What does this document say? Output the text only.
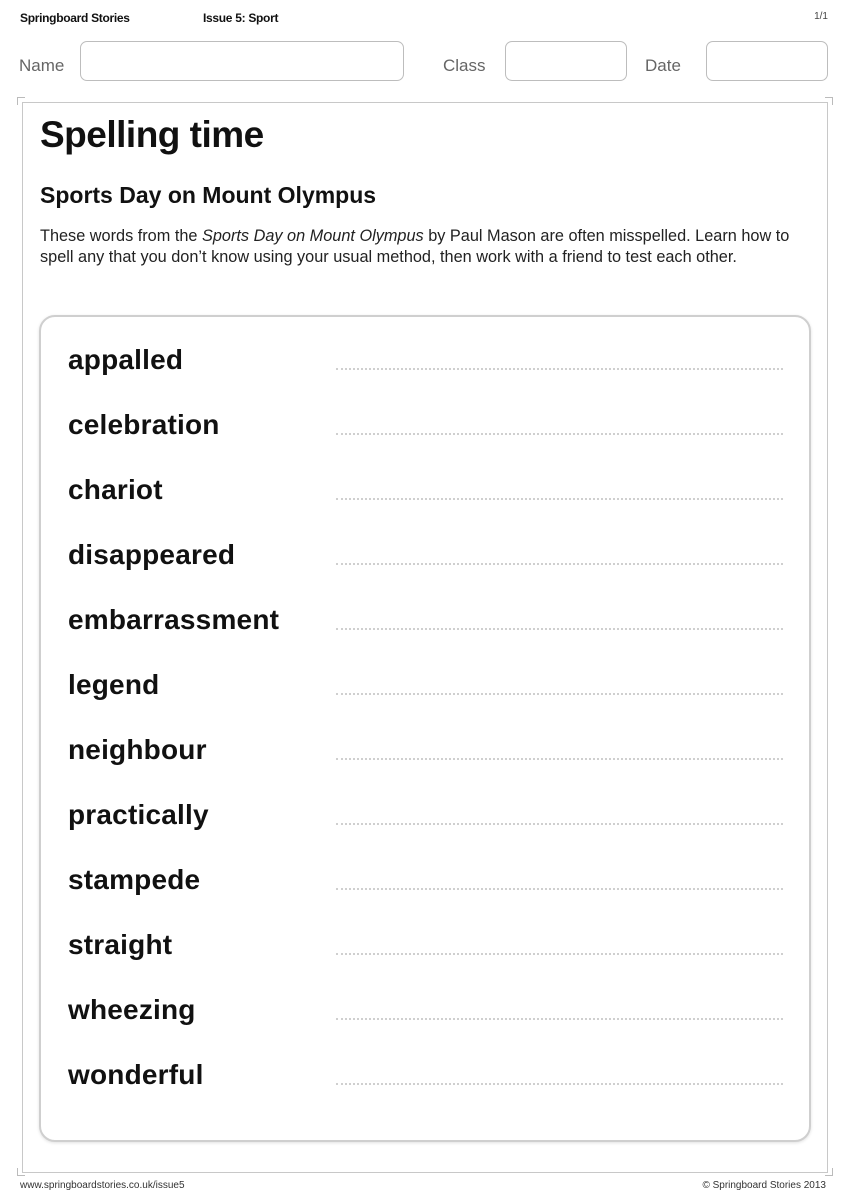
Springboard Stories	Issue 5: Sport	1/1
Name	Class	Date
Spelling time
Sports Day on Mount Olympus

These words from the Sports Day on Mount Olympus by Paul Mason are often misspelled. Learn how to spell any that you don’t know using your usual method, then work with a friend to test each other.

appalled
celebration
chariot
disappeared
embarrassment
legend
neighbour
practically
stampede
straight
wheezing
wonderful
www.springboardstories.co.uk/issue5	© Springboard Stories 2013
